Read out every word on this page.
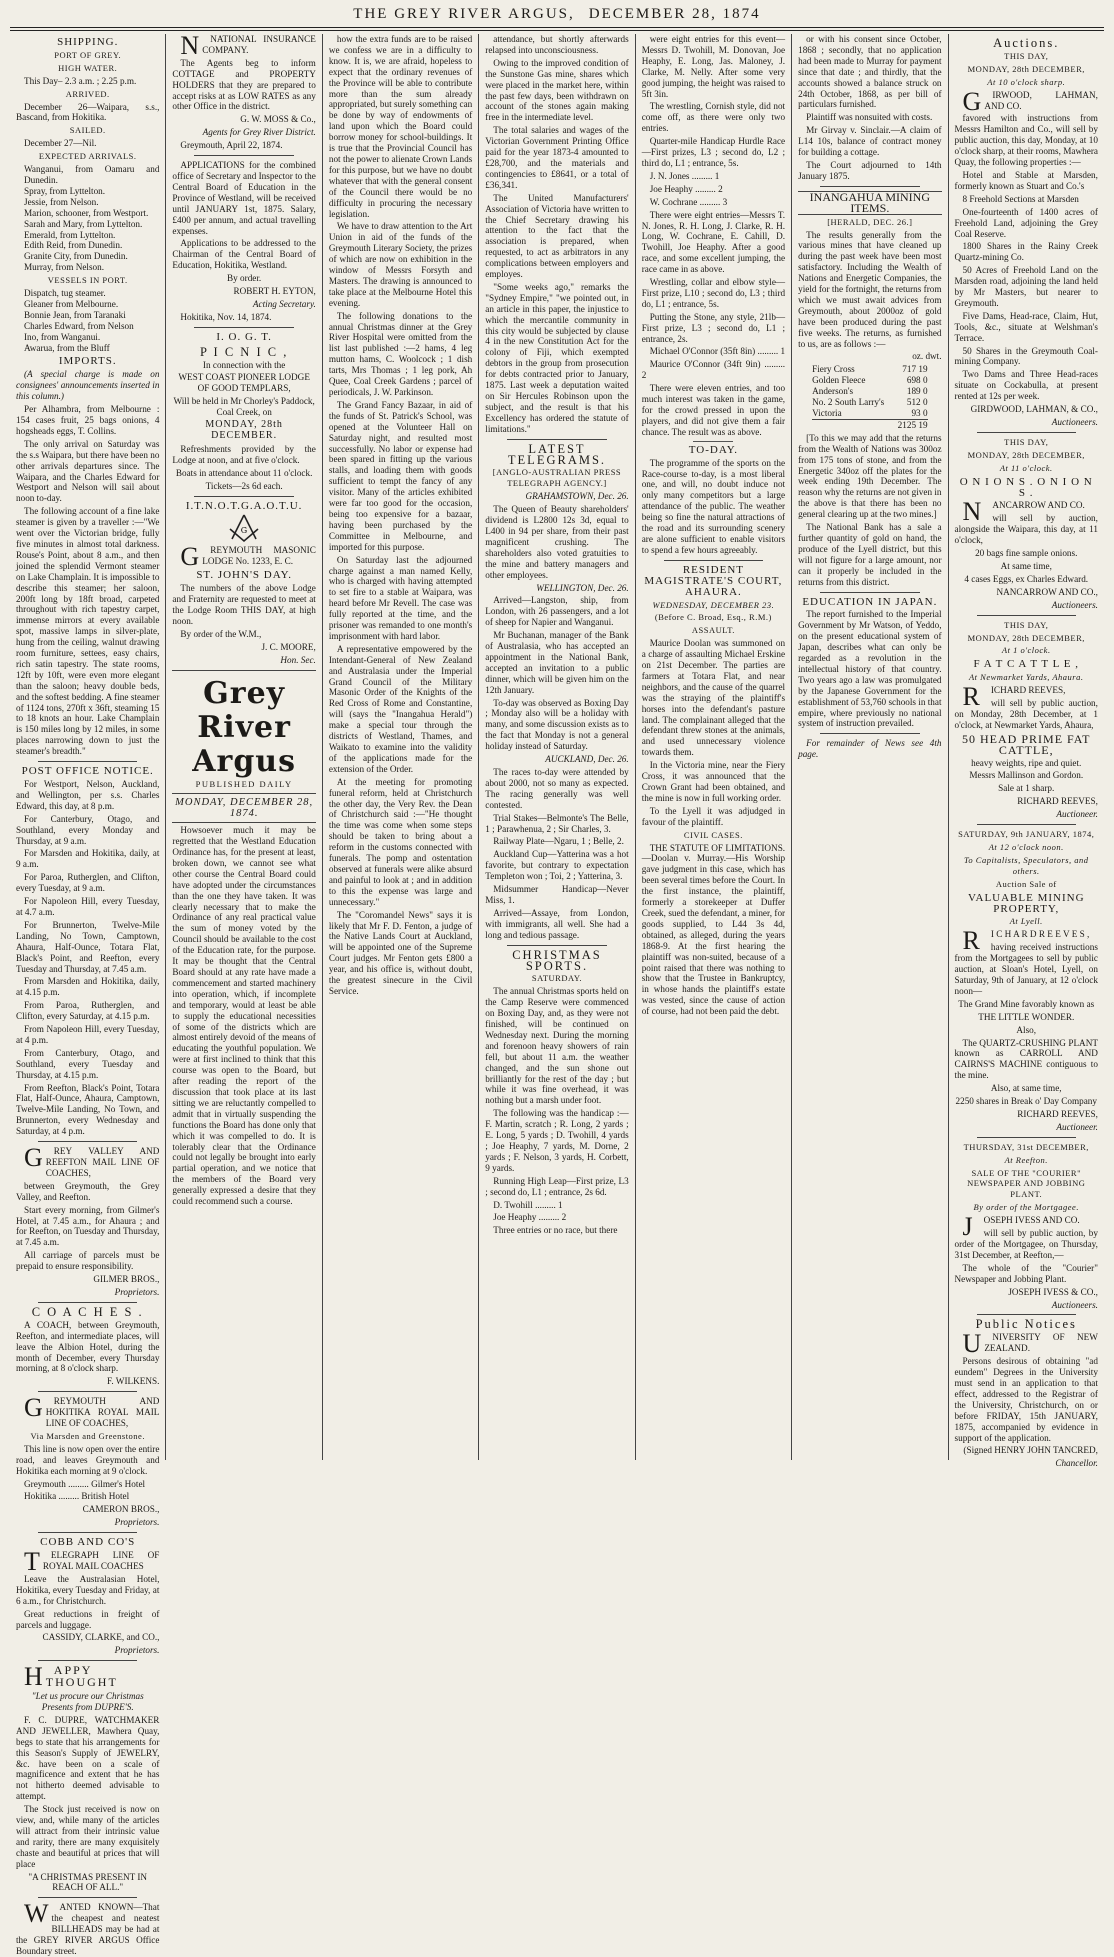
THE GREY RIVER ARGUS, DECEMBER 28, 1874
SHIPPING.
PORT OF GREY.
HIGH WATER.

This Day– 2.3 a.m. ; 2.25 p.m.

ARRIVED.

December 26—Waipara, s.s., Bascand, from Hokitika.

SAILED.

December 27—Nil.

EXPECTED ARRIVALS.
Wanganui, from Oamaru and Dunedin.
Spray, from Lyttelton.
Jessie, from Nelson.
Marion, schooner, from Westport.
Sarah and Mary, from Lyttelton.
Emerald, from Lyttelton.
Edith Reid, from Dunedin.
Granite City, from Dunedin.
Murray, from Nelson.
VESSELS IN PORT.
Dispatch, tug steamer.
Gleaner from Melbourne.
Bonnie Jean, from Taranaki
Charles Edward, from Nelson
Ino, from Wanganui.
Awarua, from the Bluff
IMPORTS.

(A special charge is made on consignees' announcements inserted in this column.)

Per Alhambra, from Melbourne : 154 cases fruit, 25 bags onions, 4 hogsheads eggs, T. Collins.

The only arrival on Saturday was the s.s Waipara, but there have been no other arrivals departures since. The Waipara, and the Charles Edward for Westport and Nelson will sail about noon to-day.

The following account of a fine lake steamer is given by a traveller :—"We went over the Victorian bridge, fully five minutes in almost total darkness. Rouse's Point, about 8 a.m., and then joined the splendid Vermont steamer on Lake Champlain. It is impossible to describe this steamer; her saloon, 200ft long by 18ft broad, carpeted throughout with rich tapestry carpet, immense mirrors at every available spot, massive lamps in silver-plate, hung from the ceiling, walnut drawing room furniture, settees, easy chairs, rich satin tapestry. The state rooms, 12ft by 10ft, were even more elegant than the saloon; heavy double beds, and the softest bedding. A fine steamer of 1124 tons, 270ft x 36ft, steaming 15 to 18 knots an hour. Lake Champlain is 150 miles long by 12 miles, in some places narrowing down to just the steamer's breadth."

POST OFFICE NOTICE.

For Westport, Nelson, Auckland, and Wellington, per s.s. Charles Edward, this day, at 8 p.m.

For Canterbury, Otago, and Southland, every Monday and Thursday, at 9 a.m.

For Marsden and Hokitika, daily, at 9 a.m.

For Paroa, Rutherglen, and Clifton, every Tuesday, at 9 a.m.

For Napoleon Hill, every Tuesday, at 4.7 a.m.

For Brunnerton, Twelve-Mile Landing, No Town, Camptown, Ahaura, Half-Ounce, Totara Flat, Black's Point, and Reefton, every Tuesday and Thursday, at 7.45 a.m.

From Marsden and Hokitika, daily, at 4.15 p.m.

From Paroa, Rutherglen, and Clifton, every Saturday, at 4.15 p.m.

From Napoleon Hill, every Tuesday, at 4 p.m.

From Canterbury, Otago, and Southland, every Tuesday and Thursday, at 4.15 p.m.

From Reefton, Black's Point, Totara Flat, Half-Ounce, Ahaura, Camptown, Twelve-Mile Landing, No Town, and Brunnerton, every Wednesday and Saturday, at 4 p.m.

G REY VALLEY AND REEFTON MAIL LINE OF COACHES,

between Greymouth, the Grey Valley, and Reefton.

Start every morning, from Gilmer's Hotel, at 7.45 a.m., for Ahaura ; and for Reefton, on Tuesday and Thursday, at 7.45 a.m.

All carriage of parcels must be prepaid to ensure responsibility.

GILMER BROS.,

Proprietors.

C O A C H E S .

A COACH, between Greymouth, Reefton, and intermediate places, will leave the Albion Hotel, during the month of December, every Thursday morning, at 8 o'clock sharp.

F. WILKENS.

G REYMOUTH AND HOKITIKA ROYAL MAIL LINE OF COACHES,

Via Marsden and Greenstone.

This line is now open over the entire road, and leaves Greymouth and Hokitika each morning at 9 o'clock.

Greymouth ......... Gilmer's Hotel

Hokitika ......... British Hotel

CAMERON BROS.,

Proprietors.

COBB AND CO'S

T ELEGRAPH LINE OF ROYAL MAIL COACHES

Leave the Australasian Hotel, Hokitika, every Tuesday and Friday, at 6 a.m., for Christchurch.

Great reductions in freight of parcels and luggage.

CASSIDY, CLARKE, and CO.,

Proprietors.

HAPPY THOUGHT

"Let us procure our Christmas Presents from DUPRE'S.

F. C. DUPRE, WATCHMAKER AND JEWELLER, Mawhera Quay, begs to state that his arrangements for this Season's Supply of JEWELRY, &c. have been on a scale of magnificence and extent that he has not hitherto deemed advisable to attempt.

The Stock just received is now on view, and, while many of the articles will attract from their intrinsic value and rarity, there are many exquisitely chaste and beautiful at prices that will place

"A CHRISTMAS PRESENT IN REACH OF ALL."

W ANTED KNOWN—That the cheapest and neatest BILLHEADS may be had at the GREY RIVER ARGUS Office Boundary street.

N NATIONAL INSURANCE COMPANY.

The Agents beg to inform COTTAGE and PROPERTY HOLDERS that they are prepared to accept risks at as LOW RATES as any other Office in the district.

G. W. MOSS & Co.,

Agents for Grey River District.

Greymouth, April 22, 1874.

APPLICATIONS for the combined office of Secretary and Inspector to the Central Board of Education in the Province of Westland, will be received until JANUARY 1st, 1875. Salary, £400 per annum, and actual travelling expenses.

Applications to be addressed to the Chairman of the Central Board of Education, Hokitika, Westland.

By order.

ROBERT H. EYTON,

Acting Secretary.

Hokitika, Nov. 14, 1874.

I. O. G. T.
P I C N I C ,

In connection with the

WEST COAST PIONEER LODGE OF GOOD TEMPLARS,

Will be held in Mr Chorley's Paddock, Coal Creek, on

MONDAY, 28th DECEMBER.

Refreshments provided by the Lodge at noon, and at five o'clock.

Boats in attendance about 11 o'clock.

Tickets—2s 6d each.

I.T.N.O.T.G.A.O.T.U.
G

G REYMOUTH MASONIC LODGE No. 1233, E. C.

ST. JOHN'S DAY.

The numbers of the above Lodge and Fraternity are requested to meet at the Lodge Room THIS DAY, at high noon.

By order of the W.M.,

J. C. MOORE,

Hon. Sec.

Grey River Argus
PUBLISHED DAILY
MONDAY, DECEMBER 28, 1874.

Howsoever much it may be regretted that the Westland Education Ordinance has, for the present at least, broken down, we cannot see what other course the Central Board could have adopted under the circumstances than the one they have taken. It was clearly necessary that to make the Ordinance of any real practical value the sum of money voted by the Council should be available to the cost of the Education rate, for the purpose. It may be thought that the Central Board should at any rate have made a commencement and started machinery into operation, which, if incomplete and temporary, would at least be able to supply the educational necessities of some of the districts which are almost entirely devoid of the means of educating the youthful population. We were at first inclined to think that this course was open to the Board, but after reading the report of the discussion that took place at its last sitting we are reluctantly compelled to admit that in virtually suspending the functions the Board has done only that which it was compelled to do. It is tolerably clear that the Ordinance could not legally be brought into early partial operation, and we notice that the members of the Board very generally expressed a desire that they could recommend such a course.

how the extra funds are to be raised we confess we are in a difficulty to know. It is, we are afraid, hopeless to expect that the ordinary revenues of the Province will be able to contribute more than the sum already appropriated, but surely something can be done by way of endowments of land upon which the Board could borrow money for school-buildings. It is true that the Provincial Council has not the power to alienate Crown Lands for this purpose, but we have no doubt whatever that with the general consent of the Council there would be no difficulty in procuring the necessary legislation.

We have to draw attention to the Art Union in aid of the funds of the Greymouth Literary Society, the prizes of which are now on exhibition in the window of Messrs Forsyth and Masters. The drawing is announced to take place at the Melbourne Hotel this evening.

The following donations to the annual Christmas dinner at the Grey River Hospital were omitted from the list last published :—2 hams, 4 leg mutton hams, C. Woolcock ; 1 dish tarts, Mrs Thomas ; 1 leg pork, Ah Quee, Coal Creek Gardens ; parcel of periodicals, J. W. Parkinson.

The Grand Fancy Bazaar, in aid of the funds of St. Patrick's School, was opened at the Volunteer Hall on Saturday night, and resulted most successfully. No labor or expense had been spared in fitting up the various stalls, and loading them with goods sufficient to tempt the fancy of any visitor. Many of the articles exhibited were far too good for the occasion, being too expensive for a bazaar, having been purchased by the Committee in Melbourne, and imported for this purpose.

On Saturday last the adjourned charge against a man named Kelly, who is charged with having attempted to set fire to a stable at Waipara, was heard before Mr Revell. The case was fully reported at the time, and the prisoner was remanded to one month's imprisonment with hard labor.

A representative empowered by the Intendant-General of New Zealand and Australasia under the Imperial Grand Council of the Military Masonic Order of the Knights of the Red Cross of Rome and Constantine, will (says the "Inangahua Herald") make a special tour through the districts of Westland, Thames, and Waikato to examine into the validity of the applications made for the extension of the Order.

At the meeting for promoting funeral reform, held at Christchurch the other day, the Very Rev. the Dean of Christchurch said :—"He thought the time was come when some steps should be taken to bring about a reform in the customs connected with funerals. The pomp and ostentation observed at funerals were alike absurd and painful to look at ; and in addition to this the expense was large and unnecessary."

The "Coromandel News" says it is likely that Mr F. D. Fenton, a judge of the Native Lands Court at Auckland, will be appointed one of the Supreme Court judges. Mr Fenton gets £800 a year, and his office is, without doubt, the greatest sinecure in the Civil Service.

attendance, but shortly afterwards relapsed into unconsciousness.

Owing to the improved condition of the Sunstone Gas mine, shares which were placed in the market here, within the past few days, been withdrawn on account of the stones again making free in the intermediate level.

The total salaries and wages of the Victorian Government Printing Office paid for the year 1873-4 amounted to £28,700, and the materials and contingencies to £8641, or a total of £36,341.

The United Manufacturers' Association of Victoria have written to the Chief Secretary drawing his attention to the fact that the association is prepared, when requested, to act as arbitrators in any complications between employers and employes.

"Some weeks ago," remarks the "Sydney Empire," "we pointed out, in an article in this paper, the injustice to which the mercantile community in this city would be subjected by clause 4 in the new Constitution Act for the colony of Fiji, which exempted debtors in the group from prosecution for debts contracted prior to January, 1875. Last week a deputation waited on Sir Hercules Robinson upon the subject, and the result is that his Excellency has ordered the statute of limitations."

LATEST TELEGRAMS.
[ANGLO-AUSTRALIAN PRESS TELEGRAPH AGENCY.]

GRAHAMSTOWN, Dec. 26.

The Queen of Beauty shareholders' dividend is L2800 12s 3d, equal to L400 in 94 per share, from their past magnificent crushing. The shareholders also voted gratuities to the mine and battery managers and other employees.

WELLINGTON, Dec. 26.

Arrived—Langston, ship, from London, with 26 passengers, and a lot of sheep for Napier and Wanganui.

Mr Buchanan, manager of the Bank of Australasia, who has accepted an appointment in the National Bank, accepted an invitation to a public dinner, which will be given him on the 12th January.

To-day was observed as Boxing Day ; Monday also will be a holiday with many, and some discussion exists as to the fact that Monday is not a general holiday instead of Saturday.

AUCKLAND, Dec. 26.

The races to-day were attended by about 2000, not so many as expected. The racing generally was well contested.

Trial Stakes—Belmonte's The Belle, 1 ; Parawhenua, 2 ; Sir Charles, 3.

Railway Plate—Ngaru, 1 ; Belle, 2.

Auckland Cup—Yatterina was a hot favorite, but contrary to expectation Templeton won ; Toi, 2 ; Yatterina, 3.

Midsummer Handicap—Never Miss, 1.

Arrived—Assaye, from London, with immigrants, all well. She had a long and tedious passage.

CHRISTMAS SPORTS.
SATURDAY.

The annual Christmas sports held on the Camp Reserve were commenced on Boxing Day, and, as they were not finished, will be continued on Wednesday next. During the morning and forenoon heavy showers of rain fell, but about 11 a.m. the weather changed, and the sun shone out brilliantly for the rest of the day ; but while it was fine overhead, it was nothing but a marsh under foot.

The following was the handicap :—F. Martin, scratch ; R. Long, 2 yards ; E. Long, 5 yards ; D. Twohill, 4 yards ; Joe Heaphy, 7 yards, M. Dorne, 2 yards ; F. Nelson, 3 yards, H. Corbett, 9 yards.

Running High Leap—First prize, L3 ; second do, L1 ; entrance, 2s 6d.

D. Twohill ......... 1

Joe Heaphy ......... 2

Three entries or no race, but there

were eight entries for this event—Messrs D. Twohill, M. Donovan, Joe Heaphy, E. Long, Jas. Maloney, J. Clarke, M. Nelly. After some very good jumping, the height was raised to 5ft 3in.

The wrestling, Cornish style, did not come off, as there were only two entries.

Quarter-mile Handicap Hurdle Race—First prizes, L3 ; second do, L2 ; third do, L1 ; entrance, 5s.

J. N. Jones ......... 1

Joe Heaphy ......... 2

W. Cochrane ......... 3

There were eight entries—Messrs T. N. Jones, R. H. Long, J. Clarke, R. H. Long, W. Cochrane, E. Cahill, D. Twohill, Joe Heaphy. After a good race, and some excellent jumping, the race came in as above.

Wrestling, collar and elbow style—First prize, L10 ; second do, L3 ; third do, L1 ; entrance, 5s.

Putting the Stone, any style, 21lb—First prize, L3 ; second do, L1 ; entrance, 2s.

Michael O'Connor (35ft 8in) ......... 1

Maurice O'Connor (34ft 9in) ......... 2

There were eleven entries, and too much interest was taken in the game, for the crowd pressed in upon the players, and did not give them a fair chance. The result was as above.

TO-DAY.

The programme of the sports on the Race-course to-day, is a most liberal one, and will, no doubt induce not only many competitors but a large attendance of the public. The weather being so fine the natural attractions of the road and its surrounding scenery are alone sufficient to enable visitors to spend a few hours agreeably.

RESIDENT MAGISTRATE'S COURT, AHAURA.
WEDNESDAY, DECEMBER 23.
(Before C. Broad, Esq., R.M.)
ASSAULT.

Maurice Doolan was summoned on a charge of assaulting Michael Erskine on 21st December. The parties are farmers at Totara Flat, and near neighbors, and the cause of the quarrel was the straying of the plaintiff's horses into the defendant's pasture land. The complainant alleged that the defendant threw stones at the animals, and used unnecessary violence towards them.

In the Victoria mine, near the Fiery Cross, it was announced that the Crown Grant had been obtained, and the mine is now in full working order.

To the Lyell it was adjudged in favour of the plaintiff.

CIVIL CASES.

THE STATUTE OF LIMITATIONS.—Doolan v. Murray.—His Worship gave judgment in this case, which has been several times before the Court. In the first instance, the plaintiff, formerly a storekeeper at Duffer Creek, sued the defendant, a miner, for goods supplied, to L44 3s 4d, obtained, as alleged, during the years 1868-9. At the first hearing the plaintiff was non-suited, because of a point raised that there was nothing to show that the Trustee in Bankruptcy, in whose hands the plaintiff's estate was vested, since the cause of action of course, had not been paid the debt.

or with his consent since October, 1868 ; secondly, that no application had been made to Murray for payment since that date ; and thirdly, that the accounts showed a balance struck on 24th October, 1868, as per bill of particulars furnished.

Plaintiff was nonsuited with costs.

Mr Girvay v. Sinclair.—A claim of L14 10s, balance of contract money for building a cottage.

The Court adjourned to 14th January 1875.

INANGAHUA MINING ITEMS.
[HERALD, DEC. 26.]

The results generally from the various mines that have cleaned up during the past week have been most satisfactory. Including the Wealth of Nations and Energetic Companies, the yield for the fortnight, the returns from which we must await advices from Greymouth, about 2000oz of gold have been produced during the past five weeks. The returns, as furnished to us, are as follows :—

oz. dwt.

Fiery Cross	717 19
Golden Fleece	698 0
Anderson's	189 0
No. 2 South Larry's 512 0
Victoria	93 0
2125 19

[To this we may add that the returns from the Wealth of Nations was 300oz from 175 tons of stone, and from the Energetic 340oz off the plates for the week ending 19th December. The reason why the returns are not given in the above is that there has been no general clearing up at the two mines.]

The National Bank has a sale a further quantity of gold on hand, the produce of the Lyell district, but this will not figure for a large amount, nor can it properly be included in the returns from this district.

EDUCATION IN JAPAN.

The report furnished to the Imperial Government by Mr Watson, of Yeddo, on the present educational system of Japan, describes what can only be regarded as a revolution in the intellectual history of that country. Two years ago a law was promulgated by the Japanese Government for the establishment of 53,760 schools in that empire, where previously no national system of instruction prevailed.

For remainder of News see 4th page.

Auctions.
THIS DAY,
MONDAY, 28th DECEMBER,
At 10 o'clock sharp.

G IRWOOD, LAHMAN, AND CO.

favored with instructions from Messrs Hamilton and Co., will sell by public auction, this day, Monday, at 10 o'clock sharp, at their rooms, Mawhera Quay, the following properties :—

Hotel and Stable at Marsden, formerly known as Stuart and Co.'s

8 Freehold Sections at Marsden

One-fourteenth of 1400 acres of Freehold Land, adjoining the Grey Coal Reserve.

1800 Shares in the Rainy Creek Quartz-mining Co.

50 Acres of Freehold Land on the Marsden road, adjoining the land held by Mr Masters, but nearer to Greymouth.

Five Dams, Head-race, Claim, Hut, Tools, &c., situate at Welshman's Terrace.

50 Shares in the Greymouth Coal-mining Company.

Two Dams and Three Head-races situate on Cockabulla, at present rented at 12s per week.

GIRDWOOD, LAHMAN, & CO.,

Auctioneers.

THIS DAY,
MONDAY, 28th DECEMBER,
At 11 o'clock.
O N I O N S . O N I O N S .

N ANCARROW AND CO.

will sell by auction, alongside the Waipara, this day, at 11 o'clock,

20 bags fine sample onions.

At same time,

4 cases Eggs, ex Charles Edward.

NANCARROW AND CO.,

Auctioneers.

THIS DAY,
MONDAY, 28th DECEMBER,
At 1 o'clock.
F A T C A T T L E ,
At Newmarket Yards, Ahaura.

R ICHARD REEVES,

will sell by public auction, on Monday, 28th December, at 1 o'clock, at Newmarket Yards, Ahaura,

50 HEAD PRIME FAT CATTLE,

heavy weights, ripe and quiet.

Messrs Mallinson and Gordon.

Sale at 1 sharp.

RICHARD REEVES,

Auctioneer.

SATURDAY, 9th JANUARY, 1874,
At 12 o'clock noon.
To Capitalists, Speculators, and others.
Auction Sale of
VALUABLE MINING PROPERTY,
At Lyell.

R I C H A R D R E E V E S ,

having received instructions from the Mortgagees to sell by public auction, at Sloan's Hotel, Lyell, on Saturday, 9th of January, at 12 o'clock noon—

The Grand Mine favorably known as

THE LITTLE WONDER.

Also,

The QUARTZ-CRUSHING PLANT known as CARROLL AND CAIRNS'S MACHINE contiguous to the mine.

Also, at same time,

2250 shares in Break o' Day Company

RICHARD REEVES,

Auctioneer.

THURSDAY, 31st DECEMBER,
At Reefton.
SALE OF THE "COURIER" NEWSPAPER AND JOBBING PLANT.
By order of the Mortgagee.

J OSEPH IVESS AND CO.

will sell by public auction, by order of the Mortgagee, on Thursday, 31st December, at Reefton,—

The whole of the "Courier" Newspaper and Jobbing Plant.

JOSEPH IVESS & CO.,

Auctioneers.

Public Notices

U NIVERSITY OF NEW ZEALAND.

Persons desirous of obtaining "ad eundem" Degrees in the University must send in an application to that effect, addressed to the Registrar of the University, Christchurch, on or before FRIDAY, 15th JANUARY, 1875, accompanied by evidence in support of the application.

(Signed HENRY JOHN TANCRED,

Chancellor.
